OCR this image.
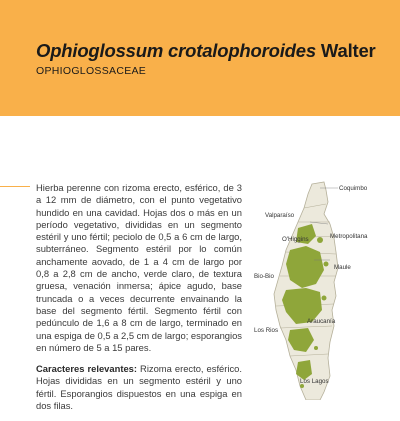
Ophioglossum crotalophoroides Walter
OPHIOGLOSSACEAE

Hierba perenne con rizoma erecto, esférico, de 3 a 12 mm de diámetro, con el punto vegetativo hundido en una cavidad. Hojas dos o más en un período vegetativo, divididas en un segmento estéril y uno fértil; peciolo de 0,5 a 6 cm de largo, subterráneo. Segmento estéril por lo común anchamente aovado, de 1 a 4 cm de largo por 0,8 a 2,8 cm de ancho, verde claro, de textura gruesa, venación inmersa; ápice agudo, base truncada o a veces decurrente envainando la base del segmento fértil. Segmento fértil con pedúnculo de 1,6 a 8 cm de largo, terminado en una espiga de 0,5 a 2,5 cm de largo; esporangios en número de 5 a 15 pares.

Caracteres relevantes: Rizoma erecto, esférico. Hojas divididas en un segmento estéril y uno fértil. Esporangios dispuestos en una espiga en dos filas.

Coquimbo
Valparaíso
Metropolitana
O'Higgins
Maule
Bio-Bio
Araucanía
Los Rios
Los Lagos
